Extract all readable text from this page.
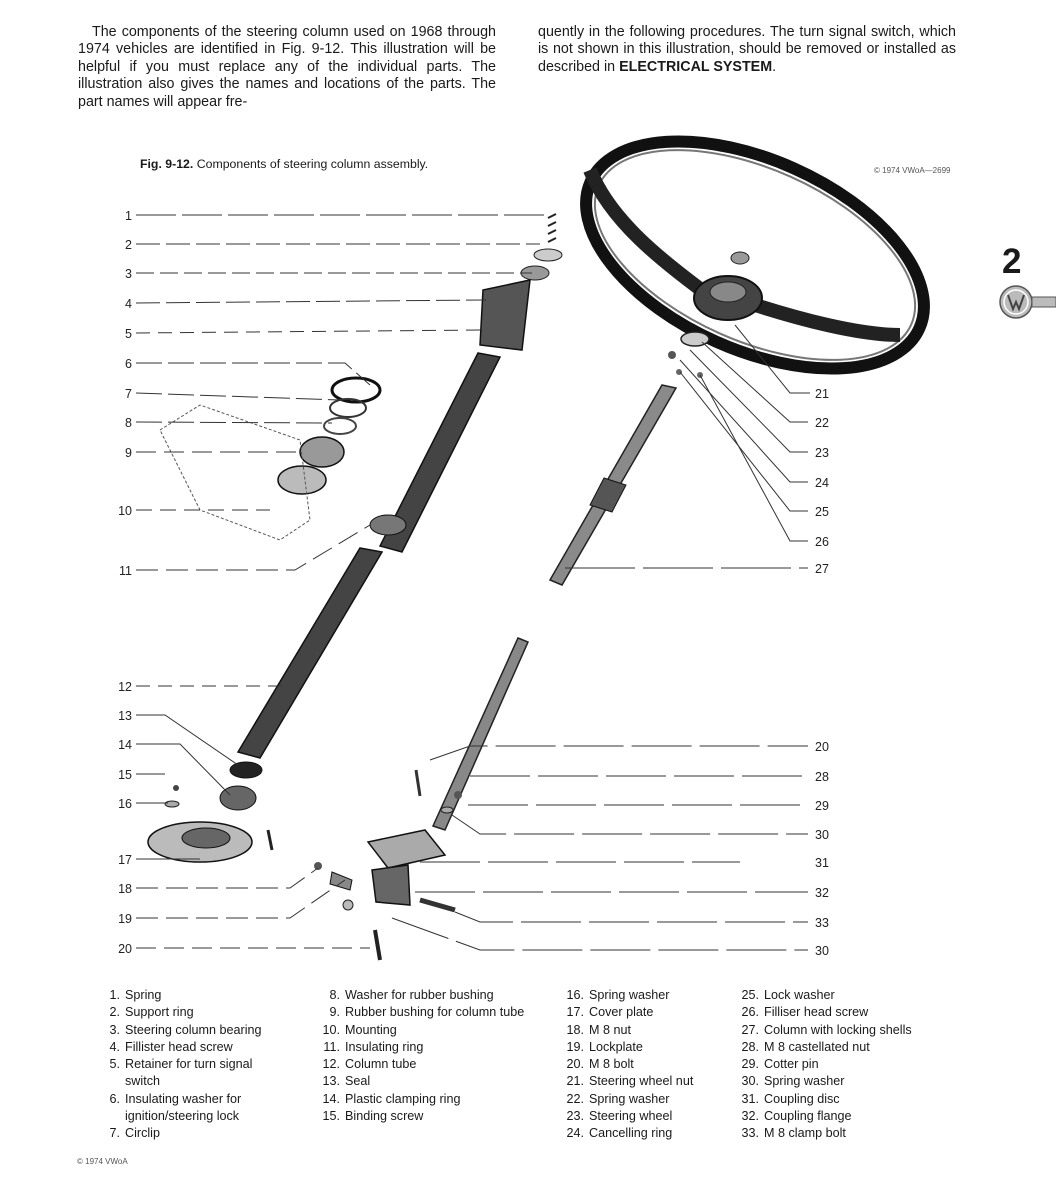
The components of the steering column used on 1968 through 1974 vehicles are identified in Fig. 9-12. This illustration will be helpful if you must replace any of the individual parts. The illustration also gives the names and locations of the parts. The part names will appear fre-
quently in the following procedures. The turn signal switch, which is not shown in this illustration, should be removed or installed as described in ELECTRICAL SYSTEM.
Fig. 9-12. Components of steering column assembly.	© 1974 VWoA—2699
2
1
2
3
4
5
6
7
8
9
10
11
12
13
14
15
16
17
18
19
20
21
22
23
24
25
26
27
20
28
29
30
31
32
33
30
1. Spring
2. Support ring
3. Steering column bearing
4. Fillister head screw
5. Retainer for turn signal switch
6. Insulating washer for ignition/steering lock
7. Circlip
8. Washer for rubber bushing
9. Rubber bushing for column tube
10. Mounting
11. Insulating ring
12. Column tube
13. Seal
14. Plastic clamping ring
15. Binding screw
16. Spring washer
17. Cover plate
18. M 8 nut
19. Lockplate
20. M 8 bolt
21. Steering wheel nut
22. Spring washer
23. Steering wheel
24. Cancelling ring
25. Lock washer
26. Filliser head screw
27. Column with locking shells
28. M 8 castellated nut
29. Cotter pin
30. Spring washer
31. Coupling disc
32. Coupling flange
33. M 8 clamp bolt
© 1974 VWoA
